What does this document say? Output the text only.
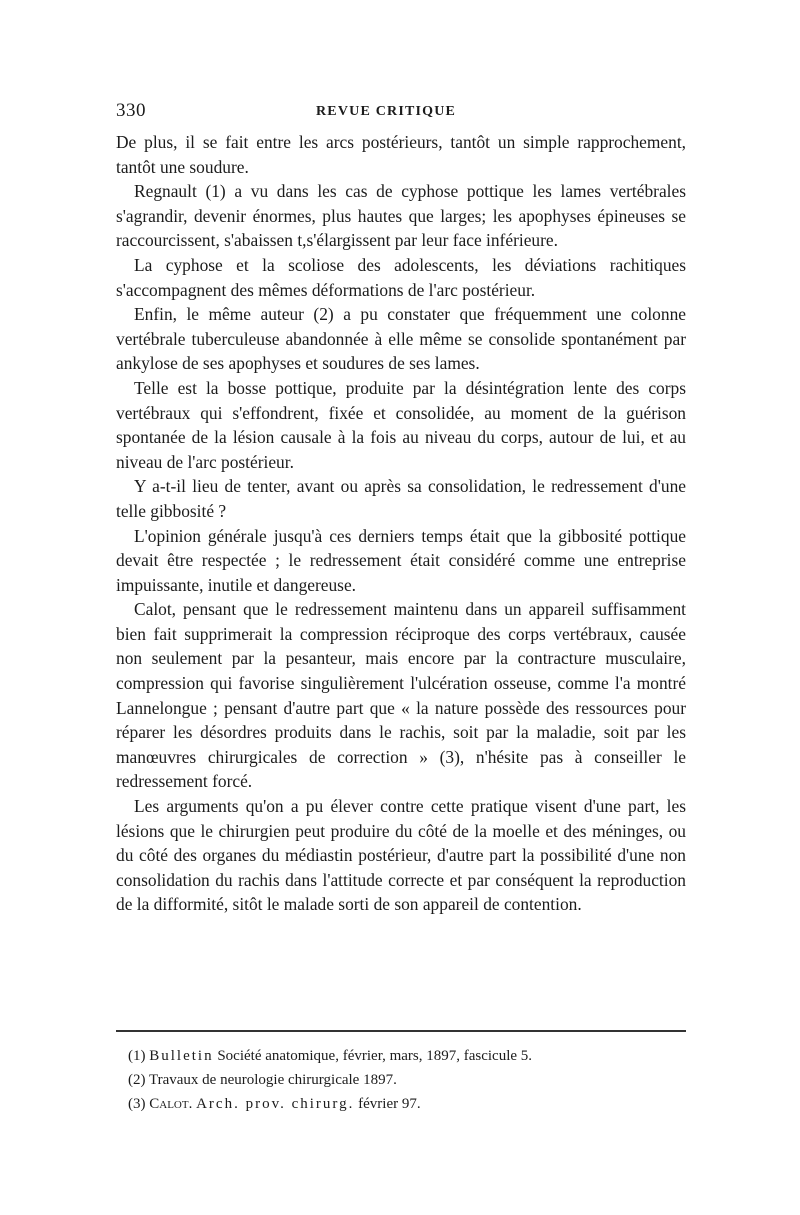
330	REVUE CRITIQUE

De plus, il se fait entre les arcs postérieurs, tantôt un simple rapprochement, tantôt une soudure.

Regnault (1) a vu dans les cas de cyphose pottique les lames vertébrales s'agrandir, devenir énormes, plus hautes que larges; les apophyses épineuses se raccourcissent, s'abaissen t,s'élargissent par leur face inférieure.

La cyphose et la scoliose des adolescents, les déviations rachitiques s'accompagnent des mêmes déformations de l'arc postérieur.

Enfin, le même auteur (2) a pu constater que fréquemment une colonne vertébrale tuberculeuse abandonnée à elle même se consolide spontanément par ankylose de ses apophyses et soudures de ses lames.

Telle est la bosse pottique, produite par la désintégration lente des corps vertébraux qui s'effondrent, fixée et consolidée, au moment de la guérison spontanée de la lésion causale à la fois au niveau du corps, autour de lui, et au niveau de l'arc postérieur.

Y a-t-il lieu de tenter, avant ou après sa consolidation, le redressement d'une telle gibbosité ?

L'opinion générale jusqu'à ces derniers temps était que la gibbosité pottique devait être respectée ; le redressement était considéré comme une entreprise impuissante, inutile et dangereuse.

Calot, pensant que le redressement maintenu dans un appareil suffisamment bien fait supprimerait la compression réciproque des corps vertébraux, causée non seulement par la pesanteur, mais encore par la contracture musculaire, compression qui favorise singulièrement l'ulcération osseuse, comme l'a montré Lannelongue ; pensant d'autre part que « la nature possède des ressources pour réparer les désordres produits dans le rachis, soit par la maladie, soit par les manœuvres chirurgicales de correction » (3), n'hésite pas à conseiller le redressement forcé.

Les arguments qu'on a pu élever contre cette pratique visent d'une part, les lésions que le chirurgien peut produire du côté de la moelle et des méninges, ou du côté des organes du médiastin postérieur, d'autre part la possibilité d'une non consolidation du rachis dans l'attitude correcte et par conséquent la reproduction de la difformité, sitôt le malade sorti de son appareil de contention.

(1) Bulletin Société anatomique, février, mars, 1897, fascicule 5.

(2) Travaux de neurologie chirurgicale 1897.

(3) Calot. Arch. prov. chirurg. février 97.
